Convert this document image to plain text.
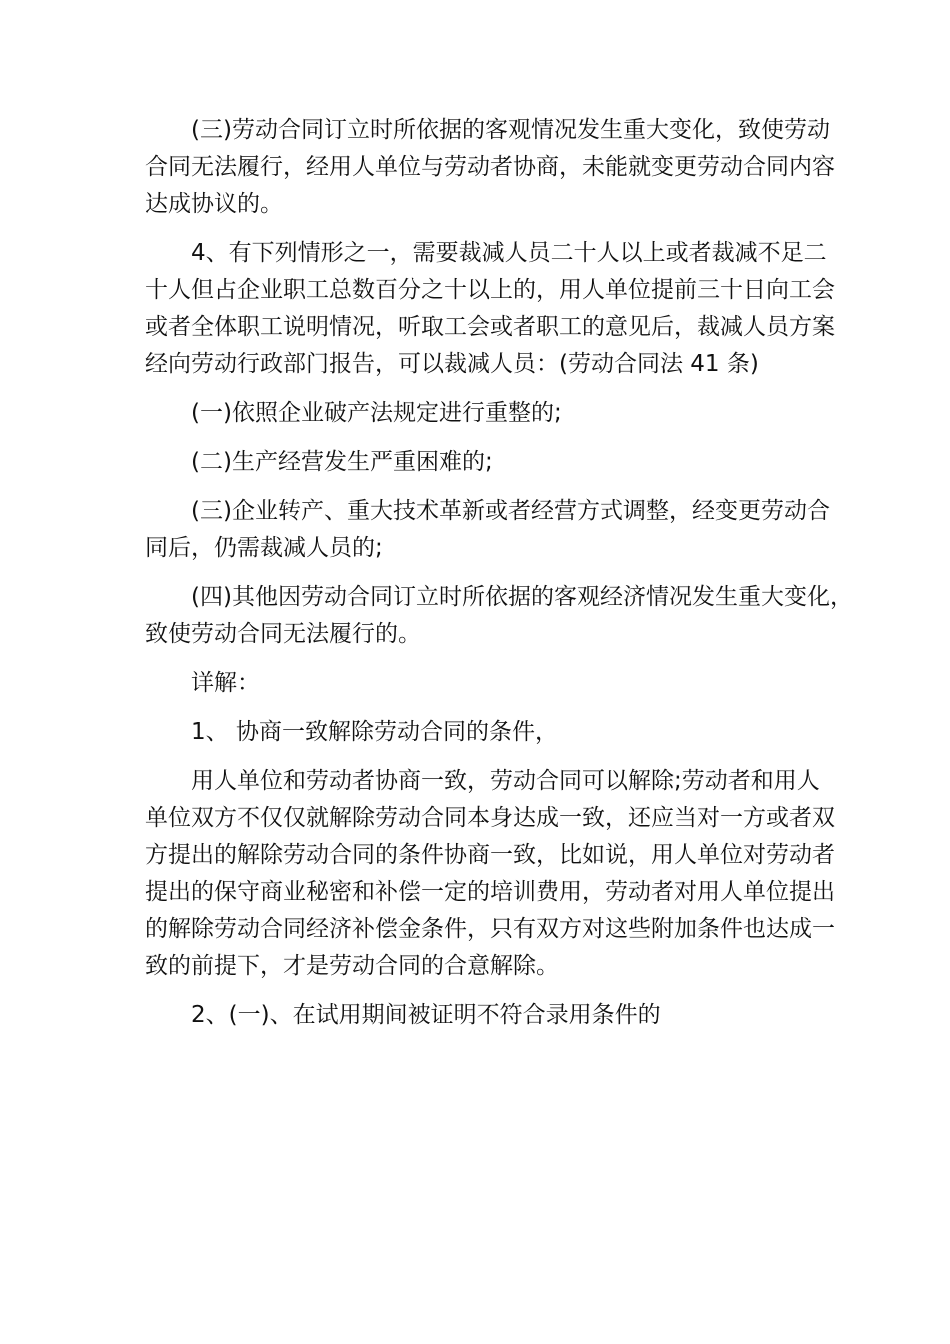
(三)劳动合同订立时所依据的客观情况发生重大变化，致使劳动
合同无法履行，经用人单位与劳动者协商，未能就变更劳动合同内容
达成协议的。
4、有下列情形之一，需要裁减人员二十人以上或者裁减不足二
十人但占企业职工总数百分之十以上的，用人单位提前三十日向工会
或者全体职工说明情况，听取工会或者职工的意见后，裁减人员方案
经向劳动行政部门报告，可以裁减人员：(劳动合同法 41 条)
(一)依照企业破产法规定进行重整的;
(二)生产经营发生严重困难的;
(三)企业转产、重大技术革新或者经营方式调整，经变更劳动合
同后，仍需裁减人员的;
(四)其他因劳动合同订立时所依据的客观经济情况发生重大变化，
致使劳动合同无法履行的。
详解：
1、 协商一致解除劳动合同的条件，
用人单位和劳动者协商一致，劳动合同可以解除;劳动者和用人
单位双方不仅仅就解除劳动合同本身达成一致，还应当对一方或者双
方提出的解除劳动合同的条件协商一致，比如说，用人单位对劳动者
提出的保守商业秘密和补偿一定的培训费用，劳动者对用人单位提出
的解除劳动合同经济补偿金条件，只有双方对这些附加条件也达成一
致的前提下，才是劳动合同的合意解除。
2、(一)、在试用期间被证明不符合录用条件的
